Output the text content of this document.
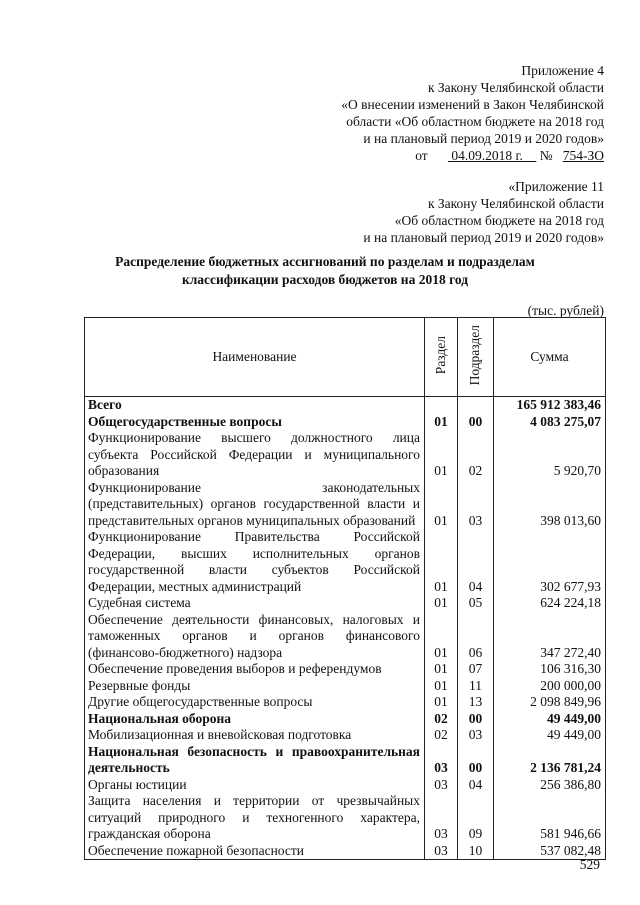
Приложение 4
к Закону Челябинской области
«О внесении изменений в Закон Челябинской
области «Об областном бюджете на 2018 год
и на плановый период 2019 и 2020 годов»
от 04.09.2018 г. № 754-ЗО
«Приложение 11
к Закону Челябинской области
«Об областном бюджете на 2018 год
и на плановый период 2019 и 2020 годов»
Распределение бюджетных ассигнований по разделам и подразделам
классификации расходов бюджетов на 2018 год
(тыс. рублей)
Наименование	Раздел	Подраздел	Сумма
Всего			165 912 383,46
Общегосударственные вопросы	01	00	4 083 275,07
Функционирование высшего должностного лица субъекта Российской Федерации и муниципального образования	01	02	5 920,70
Функционирование законодательных (представительных) органов государственной власти и представительных органов муниципальных образований	01	03	398 013,60
Функционирование Правительства Российской Федерации, высших исполнительных органов государственной власти субъектов Российской Федерации, местных администраций	01	04	302 677,93
Судебная система	01	05	624 224,18
Обеспечение деятельности финансовых, налоговых и таможенных органов и органов финансового (финансово-бюджетного) надзора	01	06	347 272,40
Обеспечение проведения выборов и референдумов	01	07	106 316,30
Резервные фонды	01	11	200 000,00
Другие общегосударственные вопросы	01	13	2 098 849,96
Национальная оборона	02	00	49 449,00
Мобилизационная и вневойсковая подготовка	02	03	49 449,00
Национальная безопасность и правоохранительная деятельность	03	00	2 136 781,24
Органы юстиции	03	04	256 386,80
Защита населения и территории от чрезвычайных ситуаций природного и техногенного характера, гражданская оборона	03	09	581 946,66
Обеспечение пожарной безопасности	03	10	537 082,48
529
